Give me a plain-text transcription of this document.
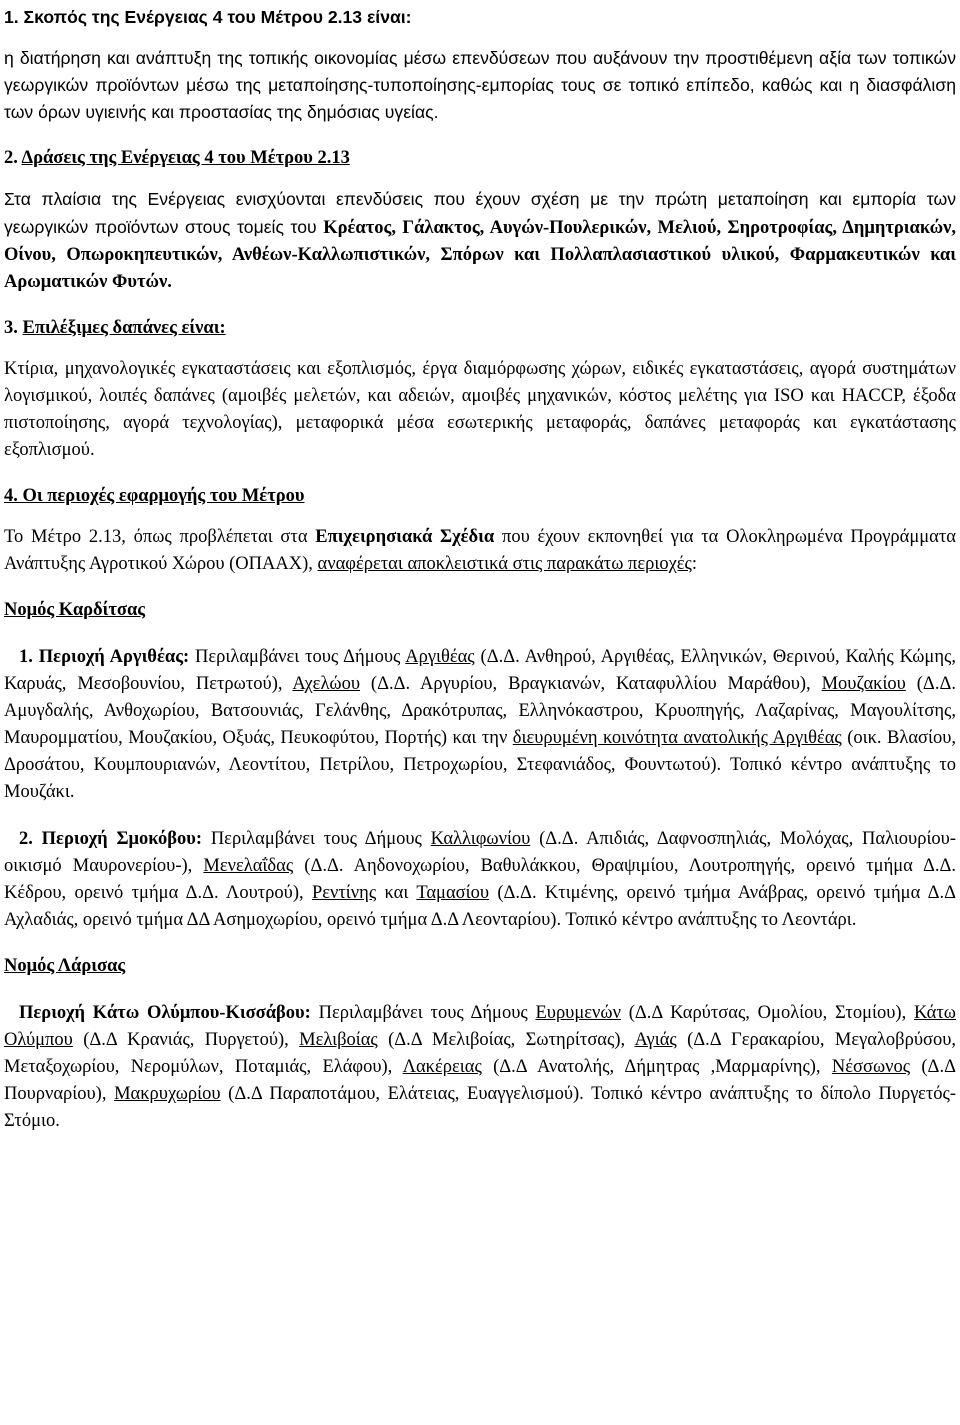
1. Σκοπός της Ενέργειας 4 του Μέτρου 2.13 είναι:

η διατήρηση και ανάπτυξη της τοπικής οικονομίας μέσω επενδύσεων που αυξάνουν την προστιθέμενη αξία των τοπικών γεωργικών προϊόντων μέσω της μεταποίησης-τυποποίησης-εμπορίας τους σε τοπικό επίπεδο, καθώς και η διασφάλιση των όρων υγιεινής και προστασίας της δημόσιας υγείας.

2. Δράσεις της Ενέργειας 4 του Μέτρου 2.13

Στα πλαίσια της Ενέργειας ενισχύονται επενδύσεις που έχουν σχέση με την πρώτη μεταποίηση και εμπορία των γεωργικών προϊόντων στους τομείς του Κρέατος, Γάλακτος, Αυγών-Πουλερικών, Μελιού, Σηροτροφίας, Δημητριακών, Οίνου, Οπωροκηπευτικών, Ανθέων-Καλλωπιστικών, Σπόρων και Πολλαπλασιαστικού υλικού, Φαρμακευτικών και Αρωματικών Φυτών.

3. Επιλέξιμες δαπάνες είναι:

Κτίρια, μηχανολογικές εγκαταστάσεις και εξοπλισμός, έργα διαμόρφωσης χώρων, ειδικές εγκαταστάσεις, αγορά συστημάτων λογισμικού, λοιπές δαπάνες (αμοιβές μελετών, και αδειών, αμοιβές μηχανικών, κόστος μελέτης για ISO και HACCP, έξοδα πιστοποίησης, αγορά τεχνολογίας), μεταφορικά μέσα εσωτερικής μεταφοράς, δαπάνες μεταφοράς και εγκατάστασης εξοπλισμού.

4. Οι περιοχές εφαρμογής του Μέτρου

Το Μέτρο 2.13, όπως προβλέπεται στα Επιχειρησιακά Σχέδια που έχουν εκπονηθεί για τα Ολοκληρωμένα Προγράμματα Ανάπτυξης Αγροτικού Χώρου (ΟΠΑΑΧ), αναφέρεται αποκλειστικά στις παρακάτω περιοχές:

Νομός Καρδίτσας

1. Περιοχή Αργιθέας: Περιλαμβάνει τους Δήμους Αργιθέας (Δ.Δ. Ανθηρού, Αργιθέας, Ελληνικών, Θερινού, Καλής Κώμης, Καρυάς, Μεσοβουνίου, Πετρωτού), Αχελώου (Δ.Δ. Αργυρίου, Βραγκιανών, Καταφυλλίου Μαράθου), Μουζακίου (Δ.Δ. Αμυγδαλής, Ανθοχωρίου, Βατσουνιάς, Γελάνθης, Δρακότρυπας, Ελληνόκαστρου, Κρυοπηγής, Λαζαρίνας, Μαγουλίτσης, Μαυρομματίου, Μουζακίου, Οξυάς, Πευκοφύτου, Πορτής) και την διευρυμένη κοινότητα ανατολικής Αργιθέας (οικ. Βλασίου, Δροσάτου, Κουμπουριανών, Λεοντίτου, Πετρίλου, Πετροχωρίου, Στεφανιάδος, Φουντωτού). Τοπικό κέντρο ανάπτυξης το Μουζάκι.

2. Περιοχή Σμοκόβου: Περιλαμβάνει τους Δήμους Καλλιφωνίου (Δ.Δ. Απιδιάς, Δαφνοσπηλιάς, Μολόχας, Παλιουρίου- οικισμό Μαυρονερίου-), Μενελαΐδας (Δ.Δ. Αηδονοχωρίου, Βαθυλάκκου, Θραψιμίου, Λουτροπηγής, ορεινό τμήμα Δ.Δ. Κέδρου, ορεινό τμήμα Δ.Δ. Λουτρού), Ρεντίνης και Ταμασίου (Δ.Δ. Κτιμένης, ορεινό τμήμα Ανάβρας, ορεινό τμήμα Δ.Δ Αχλαδιάς, ορεινό τμήμα ΔΔ Ασημοχωρίου, ορεινό τμήμα Δ.Δ Λεονταρίου). Τοπικό κέντρο ανάπτυξης το Λεοντάρι.

Νομός Λάρισας

Περιοχή Κάτω Ολύμπου-Κισσάβου: Περιλαμβάνει τους Δήμους Ευρυμενών (Δ.Δ Καρύτσας, Ομολίου, Στομίου), Κάτω Ολύμπου (Δ.Δ Κρανιάς, Πυργετού), Μελιβοίας (Δ.Δ Μελιβοίας, Σωτηρίτσας), Αγιάς (Δ.Δ Γερακαρίου, Μεγαλοβρύσου, Μεταξοχωρίου, Νερομύλων, Ποταμιάς, Ελάφου), Λακέρειας (Δ.Δ Ανατολής, Δήμητρας ,Μαρμαρίνης), Νέσσωνος (Δ.Δ Πουρναρίου), Μακρυχωρίου (Δ.Δ Παραποτάμου, Ελάτειας, Ευαγγελισμού). Τοπικό κέντρο ανάπτυξης το δίπολο Πυργετός-Στόμιο.
